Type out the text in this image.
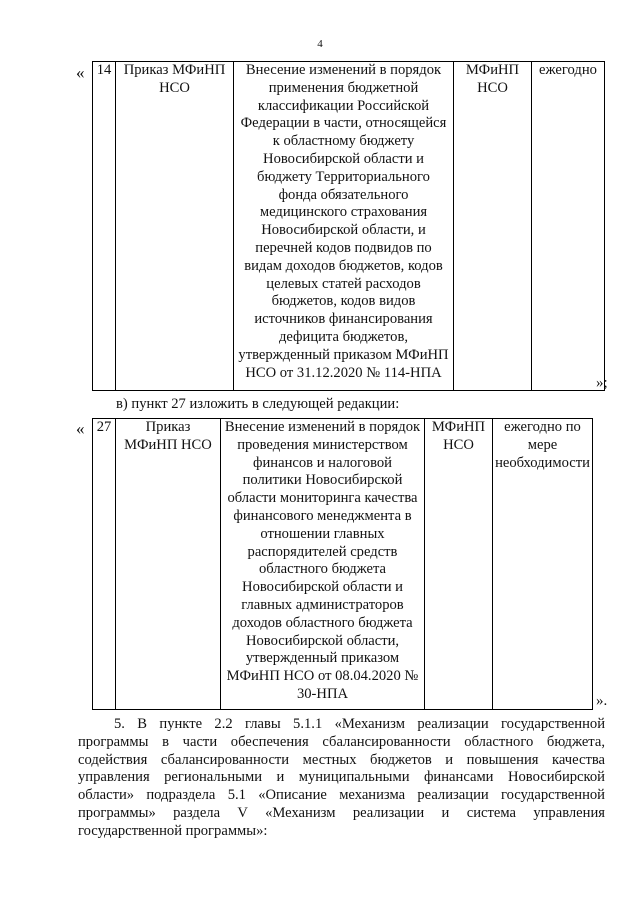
4
« 14	Приказ МФиНП НСО	Внесение изменений в порядок применения бюджетной классификации Российской Федерации в части, относящейся к областному бюджету Новосибирской области и бюджету Территориального фонда обязательного медицинского страхования Новосибирской области, и перечней кодов подвидов по видам доходов бюджетов, кодов целевых статей расходов бюджетов, кодов видов источников финансирования дефицита бюджетов, утвержденный приказом МФиНП НСО от 31.12.2020 № 114-НПА	МФиНП НСО	ежегодно
»;
в) пункт 27 изложить в следующей редакции:
« 27	Приказ МФиНП НСО	Внесение изменений в порядок проведения министерством финансов и налоговой политики Новосибирской области мониторинга качества финансового менеджмента в отношении главных распорядителей средств областного бюджета Новосибирской области и главных администраторов доходов областного бюджета Новосибирской области, утвержденный приказом МФиНП НСО от 08.04.2020 № 30-НПА	МФиНП НСО	ежегодно по мере необходимости
».
5. В пункте 2.2 главы 5.1.1 «Механизм реализации государственной программы в части обеспечения сбалансированности областного бюджета, содействия сбалансированности местных бюджетов и повышения качества управления региональными и муниципальными финансами Новосибирской области» подраздела 5.1 «Описание механизма реализации государственной программы» раздела V «Механизм реализации и система управления государственной программы»:
